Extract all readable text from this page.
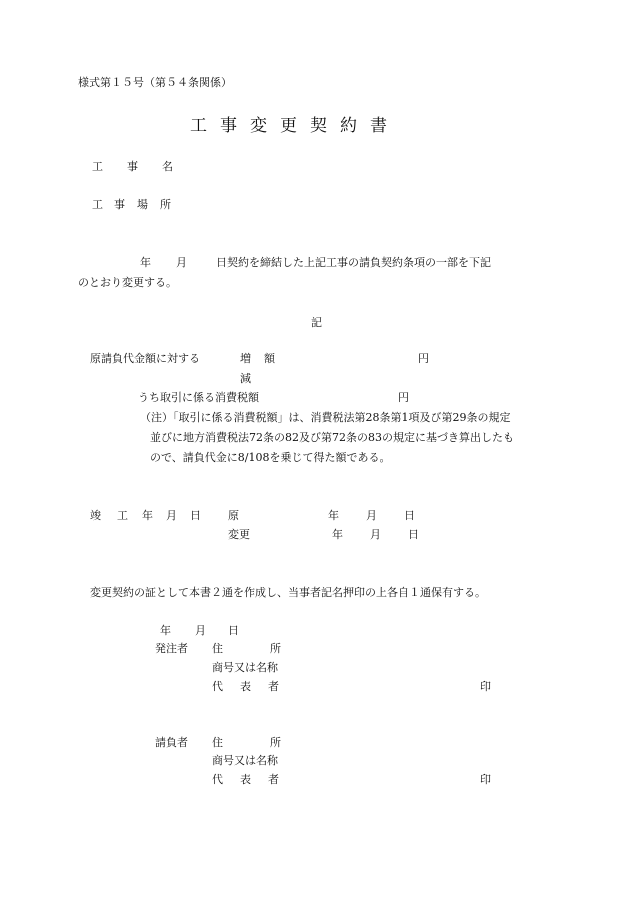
様式第１５号（第５４条関係）
工事変更契約書
工 事 名
工 事 場 所
年 月	日契約を締結した上記工事の請負契約条項の一部を下記
のとおり変更する。
記
原請負代金額に対する	増 額	円
減
うち取引に係る消費税額	円
（注）「取引に係る消費税額」は、消費税法第28条第1項及び第29条の規定
並びに地方消費税法72条の82及び第72条の83の規定に基づき算出したも
ので、請負代金に8/108を乗じて得た額である。
竣 工 年 月 日 原	年 月 日
変更	年 月 日
変更契約の証として本書２通を作成し、当事者記名押印の上各自１通保有する。
年 月 日
発注者 住	所
商号又は名称
代 表 者	印
請負者 住	所
商号又は名称
代 表 者	印
